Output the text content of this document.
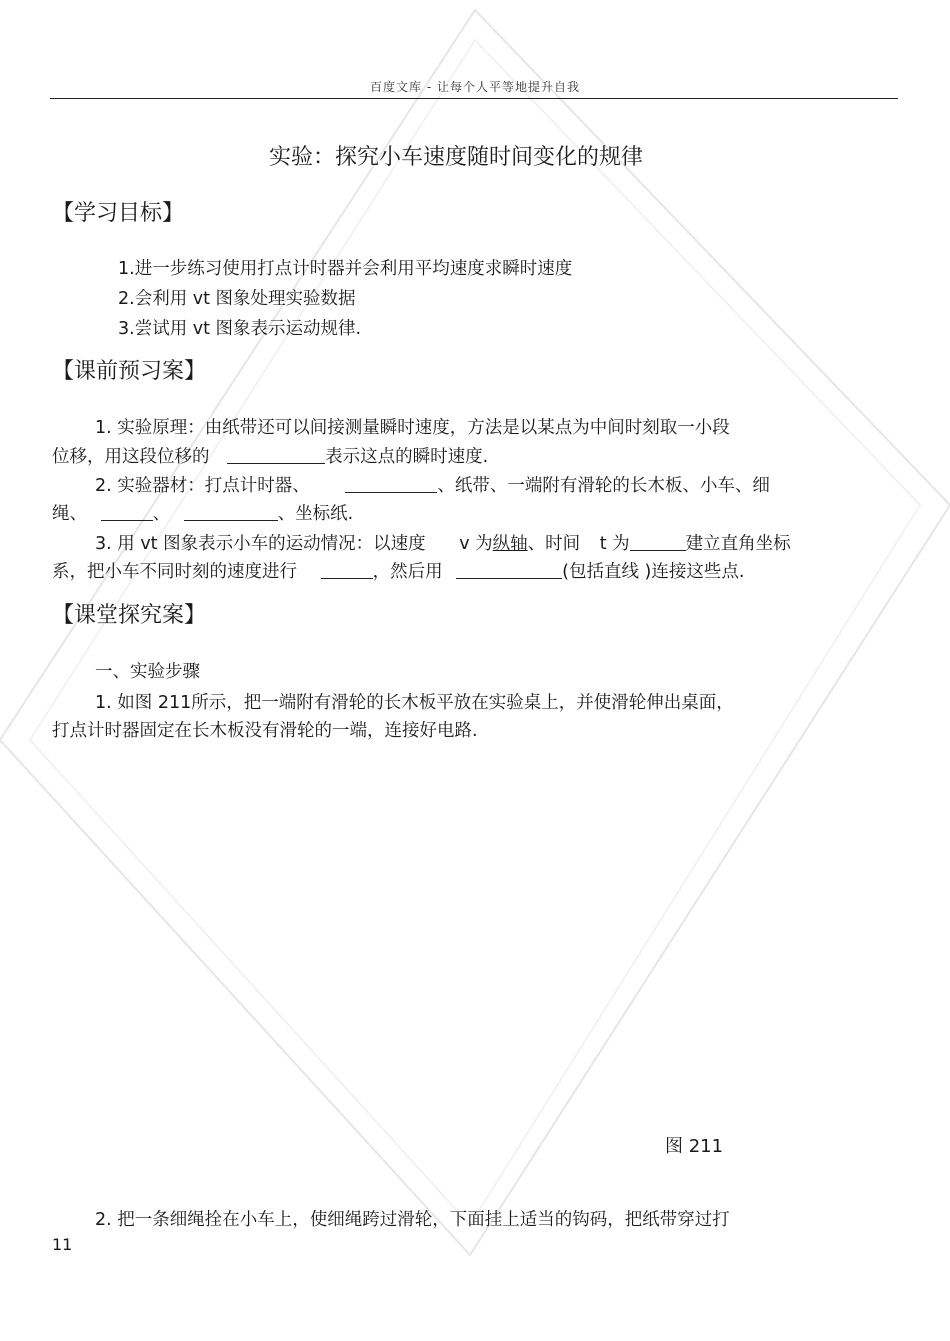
百度文库 - 让每个人平等地提升自我
实验：探究小车速度随时间变化的规律
【学习目标】
1.进一步练习使用打点计时器并会利用平均速度求瞬时速度
2.会利用 vt 图象处理实验数据
3.尝试用 vt 图象表示运动规律.
【课前预习案】
1. 实验原理：由纸带还可以间接测量瞬时速度，方法是以某点为中间时刻取一小段
位移，用这段位移的	表示这点的瞬时速度.
2. 实验器材：打点计时器、	、纸带、一端附有滑轮的长木板、小车、细
绳、	、	、坐标纸.
3. 用 vt 图象表示小车的运动情况：以速度 v 为纵轴、时间 t 为	建立直角坐标
系，把小车不同时刻的速度进行	，然后用	(包括直线 )连接这些点.
【课堂探究案】
一、实验步骤
1. 如图 211所示，把一端附有滑轮的长木板平放在实验桌上，并使滑轮伸出桌面，
打点计时器固定在长木板没有滑轮的一端，连接好电路.
图 211
2. 把一条细绳拴在小车上，使细绳跨过滑轮，下面挂上适当的钩码，把纸带穿过打
11
